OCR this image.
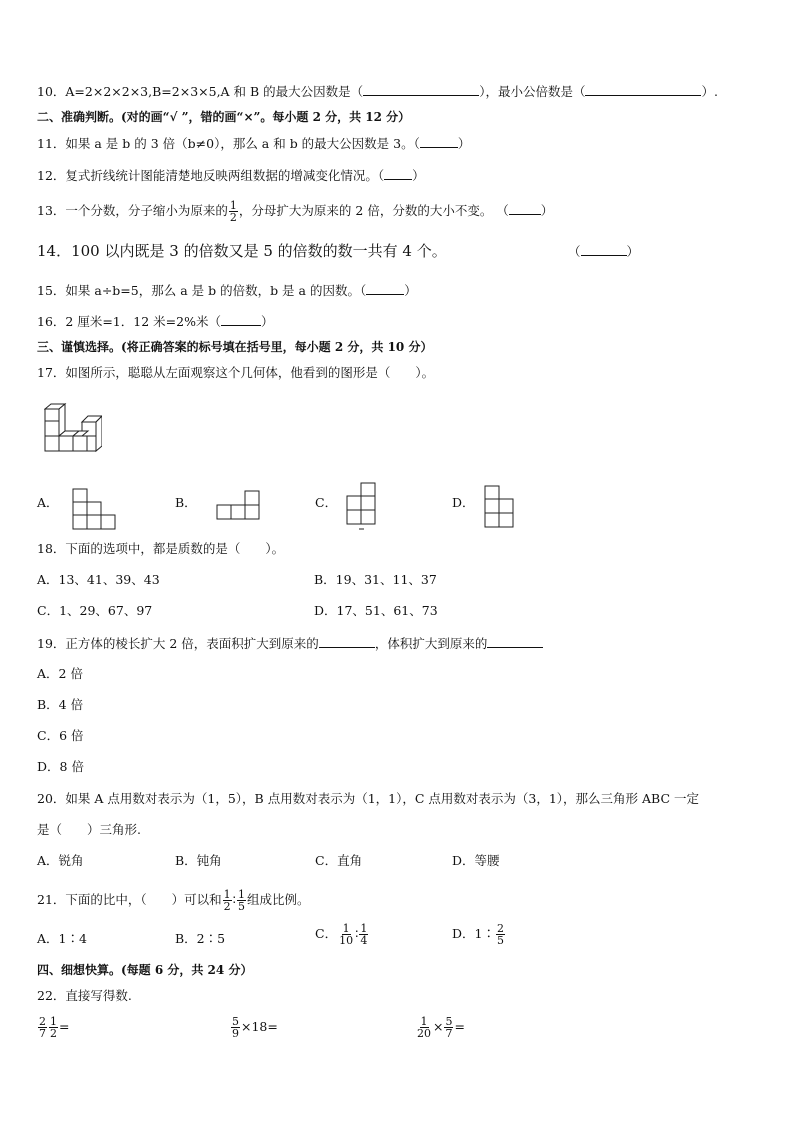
10．A=2×2×2×3,B=2×3×5,A 和 B 的最大公因数是（	），最小公倍数是（	）.
二、准确判断。(对的画“√ ”，错的画“×”。每小题 2 分，共 12 分）
11．如果 a 是 b 的 3 倍（b≠0），那么 a 和 b 的最大公因数是 3。（	）
12．复式折线统计图能清楚地反映两组数据的增减变化情况。（ ）
13．一个分数，分子缩小为原来的 $\frac{1}{2}$ ，分母扩大为原来的 2 倍，分数的大小不变。 （	）
14．100 以内既是 3 的倍数又是 5 的倍数的数一共有 4 个。	（	）
15．如果 a÷b=5，那么 a 是 b 的倍数，b 是 a 的因数。（	）
16．2 厘米=1．12 米=2%米（	）
三、谨慎选择。(将正确答案的标号填在括号里，每小题 2 分，共 10 分）
17．如图所示，聪聪从左面观察这个几何体，他看到的图形是（　　）。
A．	B．	C．	D．
18．下面的选项中，都是质数的是（　　）。
A．13、41、39、43	B．19、31、11、37
C．1、29、67、97	D．17、51、61、73
19．正方体的棱长扩大 2 倍，表面积扩大到原来的	，体积扩大到原来的
A．2 倍
B．4 倍
C．6 倍
D．8 倍
20．如果 A 点用数对表示为（1，5），B 点用数对表示为（1，1），C 点用数对表示为（3，1），那么三角形 ABC 一定
是（　　）三角形.
A．锐角	B．钝角	C．直角	D．等腰
21．下面的比中，（　　）可以和 $\frac{1}{2}$ ∶ $\frac{1}{5}$ 组成比例。
A．1∶4	B．2∶5	C． $\frac{1}{10}$ ∶ $\frac{1}{4}$	D．1∶ $\frac{2}{5}$
四、细想快算。(每题 6 分，共 24 分）
22．直接写得数.
$\frac{2}{7} \frac{1}{2}$ =	$\frac{5}{9} \times 18=$	$\frac{1}{20} \times \frac{5}{7}$ =
